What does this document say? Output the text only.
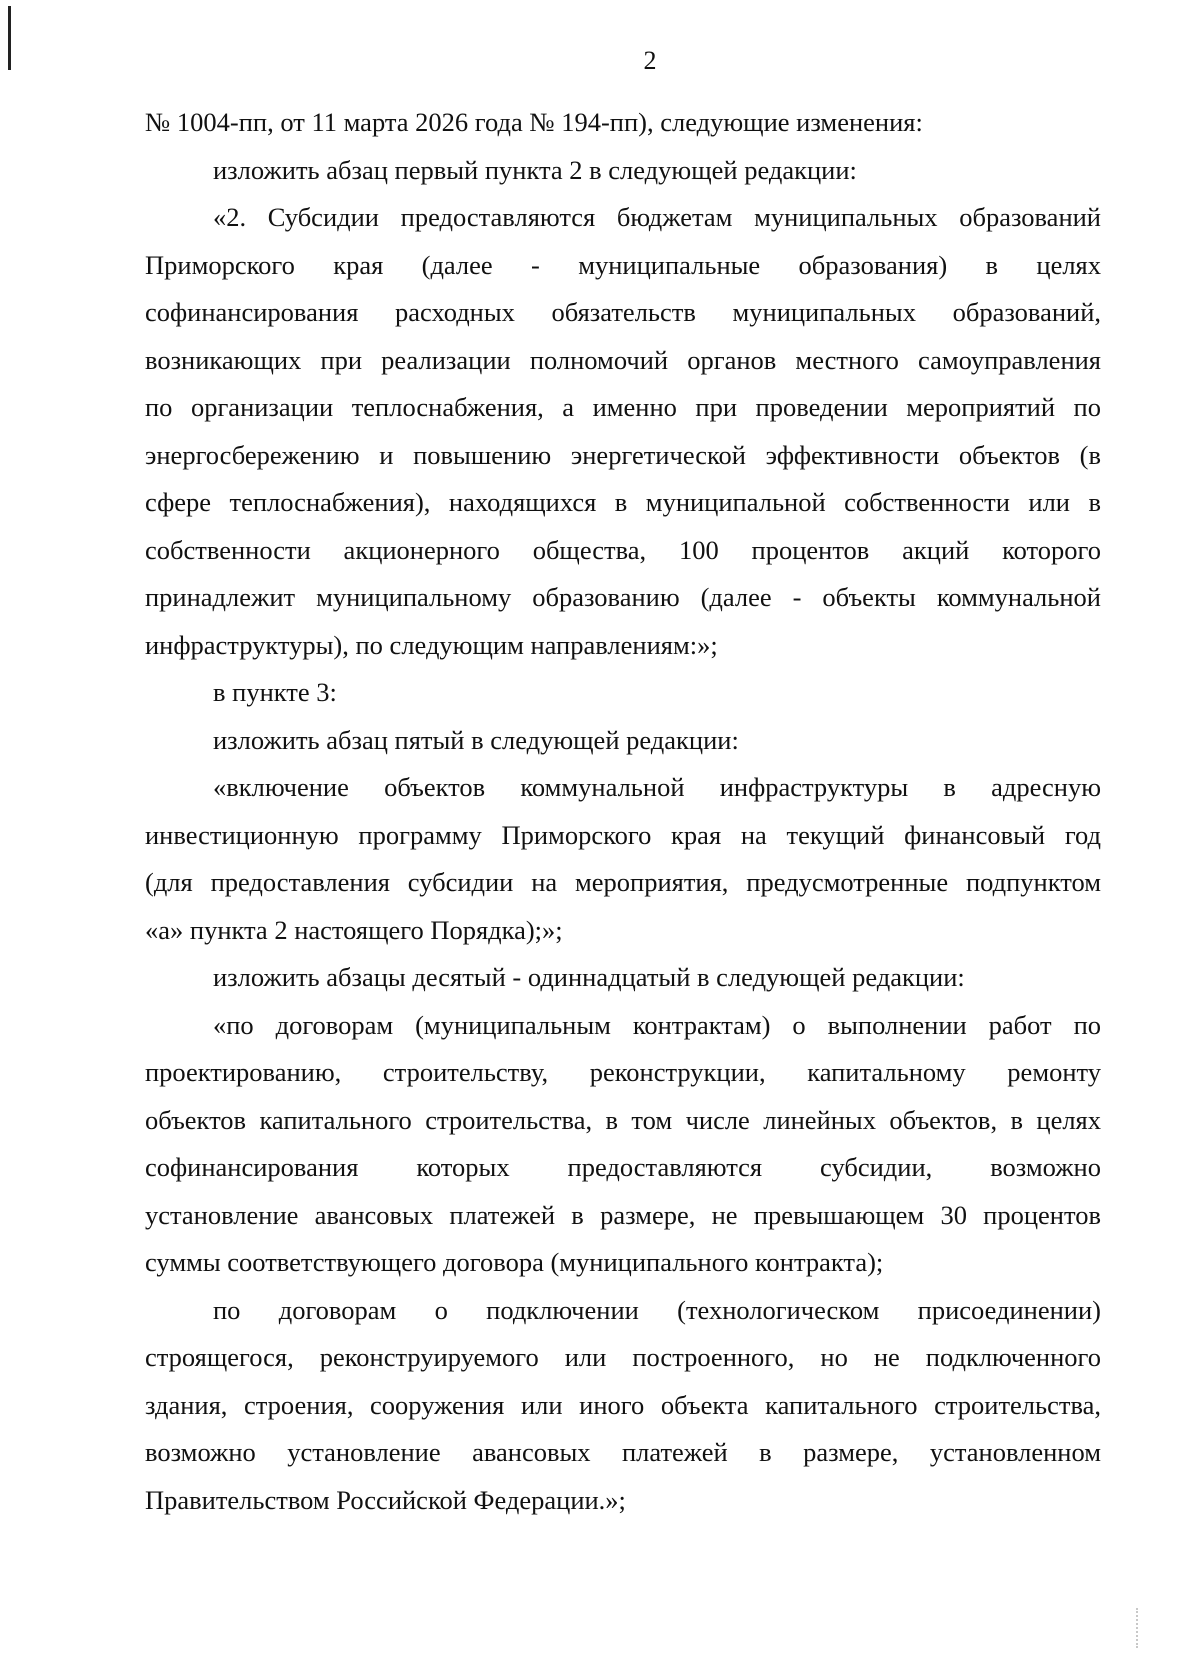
2
№ 1004-пп, от 11 марта 2026 года № 194-пп), следующие изменения:
изложить абзац первый пункта 2 в следующей редакции:
«2. Субсидии предоставляются бюджетам муниципальных образований
Приморского края (далее - муниципальные образования) в целях
софинансирования расходных обязательств муниципальных образований,
возникающих при реализации полномочий органов местного самоуправления
по организации теплоснабжения, а именно при проведении мероприятий по
энергосбережению и повышению энергетической эффективности объектов (в
сфере теплоснабжения), находящихся в муниципальной собственности или в
собственности акционерного общества, 100 процентов акций которого
принадлежит муниципальному образованию (далее - объекты коммунальной
инфраструктуры), по следующим направлениям:»;
в пункте 3:
изложить абзац пятый в следующей редакции:
«включение объектов коммунальной инфраструктуры в адресную
инвестиционную программу Приморского края на текущий финансовый год
(для предоставления субсидии на мероприятия, предусмотренные подпунктом
«а» пункта 2 настоящего Порядка);»;
изложить абзацы десятый - одиннадцатый в следующей редакции:
«по договорам (муниципальным контрактам) о выполнении работ по
проектированию, строительству, реконструкции, капитальному ремонту
объектов капитального строительства, в том числе линейных объектов, в целях
софинансирования которых предоставляются субсидии, возможно
установление авансовых платежей в размере, не превышающем 30 процентов
суммы соответствующего договора (муниципального контракта);
по договорам о подключении (технологическом присоединении)
строящегося, реконструируемого или построенного, но не подключенного
здания, строения, сооружения или иного объекта капитального строительства,
возможно установление авансовых платежей в размере, установленном
Правительством Российской Федерации.»;
